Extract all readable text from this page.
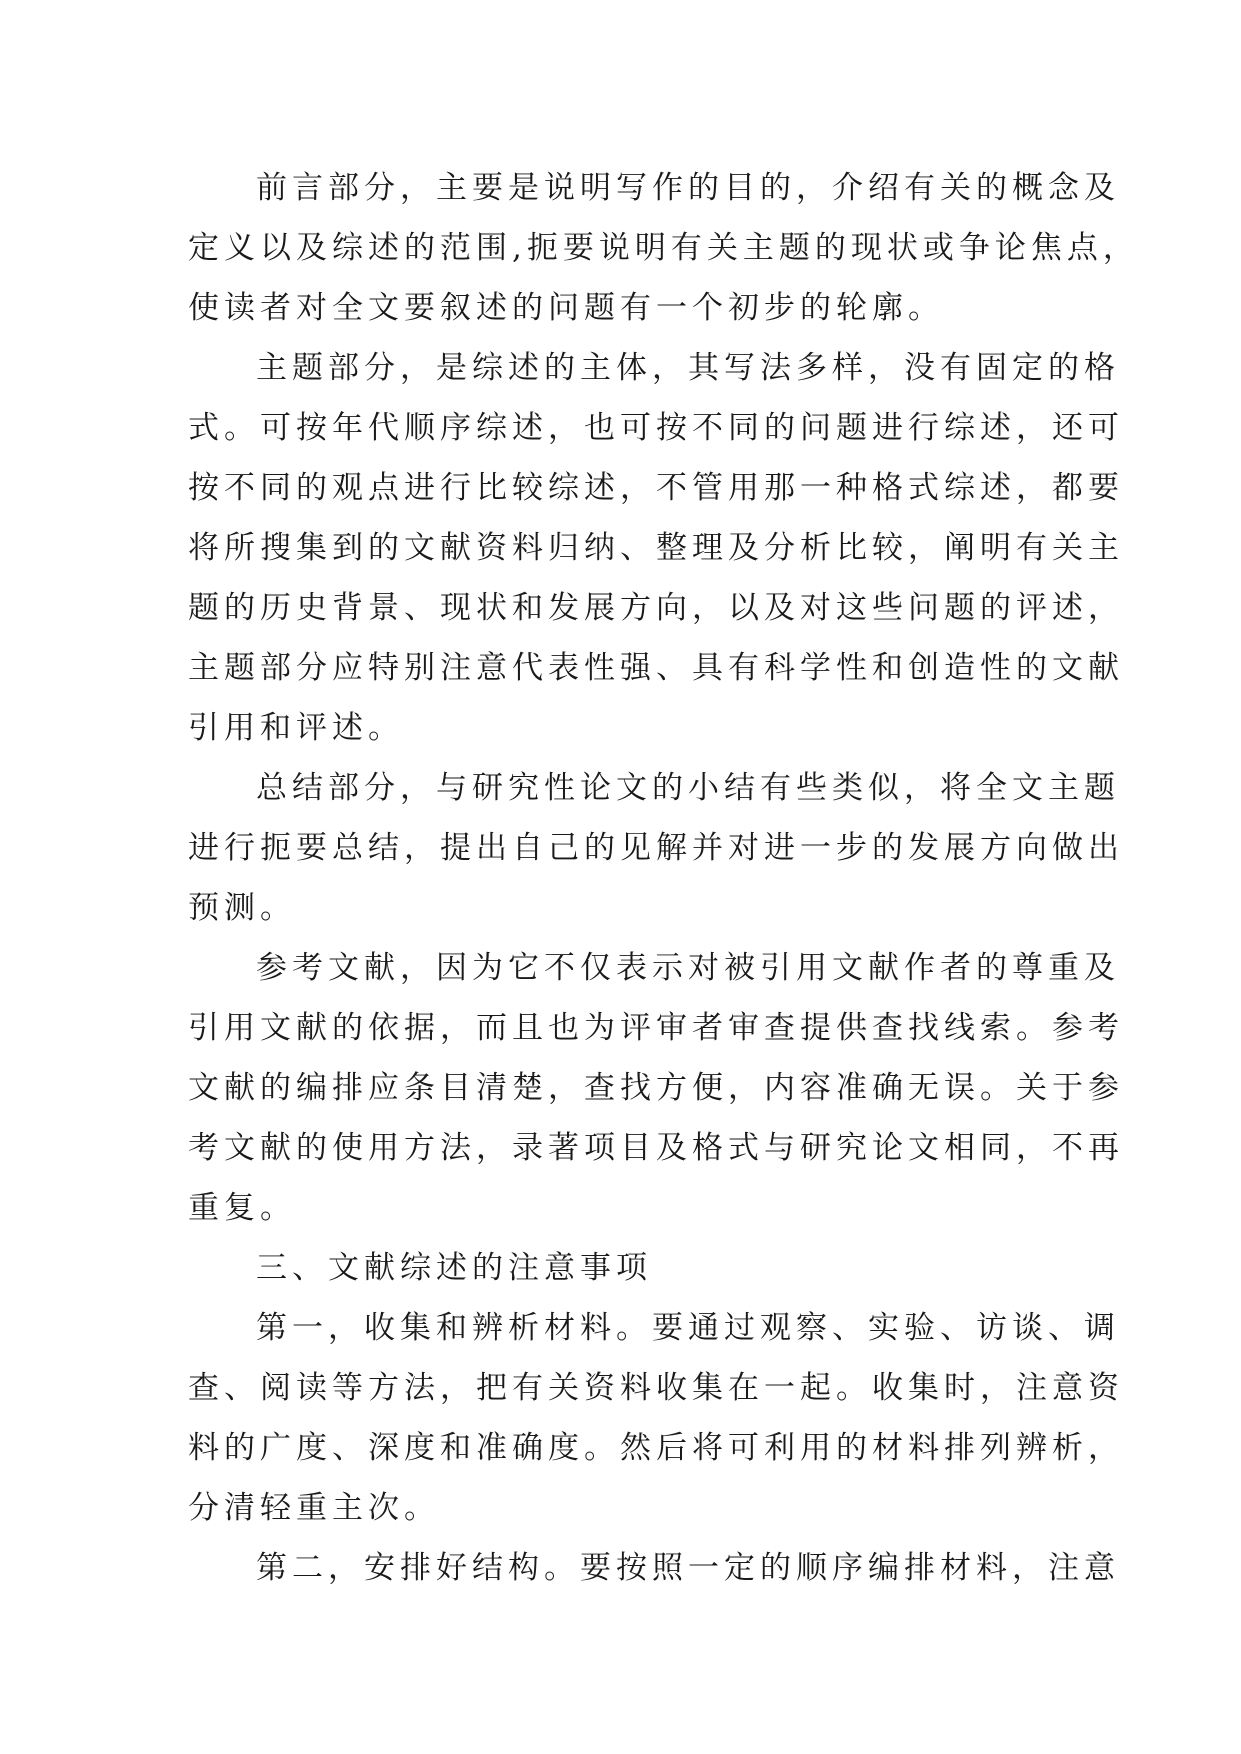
前言部分，主要是说明写作的目的，介绍有关的概念及
定义以及综述的范围,扼要说明有关主题的现状或争论焦点，
使读者对全文要叙述的问题有一个初步的轮廓。
主题部分，是综述的主体，其写法多样，没有固定的格
式。可按年代顺序综述，也可按不同的问题进行综述，还可
按不同的观点进行比较综述，不管用那一种格式综述，都要
将所搜集到的文献资料归纳、整理及分析比较，阐明有关主
题的历史背景、现状和发展方向，以及对这些问题的评述，
主题部分应特别注意代表性强、具有科学性和创造性的文献
引用和评述。
总结部分，与研究性论文的小结有些类似，将全文主题
进行扼要总结，提出自己的见解并对进一步的发展方向做出
预测。
参考文献，因为它不仅表示对被引用文献作者的尊重及
引用文献的依据，而且也为评审者审查提供查找线索。参考
文献的编排应条目清楚，查找方便，内容准确无误。关于参
考文献的使用方法，录著项目及格式与研究论文相同，不再
重复。
三、文献综述的注意事项
第一，收集和辨析材料。要通过观察、实验、访谈、调
查、阅读等方法，把有关资料收集在一起。收集时，注意资
料的广度、深度和准确度。然后将可利用的材料排列辨析，
分清轻重主次。
第二，安排好结构。要按照一定的顺序编排材料，注意
